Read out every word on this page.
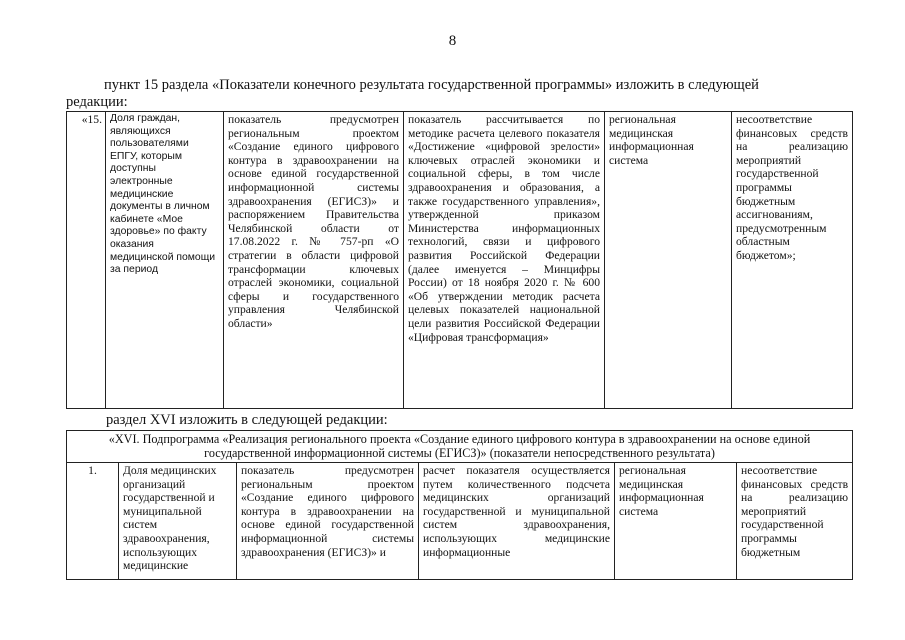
8
пункт 15 раздела «Показатели конечного результата государственной программы» изложить в следующей
редакции:
«15.	Доля граждан, являющихся пользователями ЕПГУ, которым доступны электронные медицинские документы в личном кабинете «Мое здоровье» по факту оказания медицинской помощи за период	показатель предусмотрен региональным проектом «Создание единого цифрового контура в здравоохранении на основе единой государственной информационной системы здравоохранения (ЕГИСЗ)» и распоряжением Правительства Челябинской области от 17.08.2022 г. № 757-рп «О стратегии в области цифровой трансформации ключевых отраслей экономики, социальной сферы и государственного управления Челябинской области»	показатель рассчитывается по методике расчета целевого показателя «Достижение «цифровой зрелости» ключевых отраслей экономики и социальной сферы, в том числе здравоохранения и образования, а также государственного управления», утвержденной приказом Министерства информационных технологий, связи и цифрового развития Российской Федерации (далее именуется – Минцифры России) от 18 ноября 2020 г. № 600 «Об утверждении методик расчета целевых показателей национальной цели развития Российской Федерации «Цифровая трансформация»	региональная медицинская информационная система	несоответствие финансовых средств на реализацию мероприятий государственной программы бюджетным ассигнованиям, предусмотренным областным бюджетом»;
раздел XVI изложить в следующей редакции:
«XVI. Подпрограмма «Реализация регионального проекта «Создание единого цифрового контура в здравоохранении на основе единой государственной информационной системы (ЕГИСЗ)» (показатели непосредственного результата)
1.	Доля медицинских организаций государственной и муниципальной систем здравоохранения, использующих медицинские	показатель предусмотрен региональным проектом «Создание единого цифрового контура в здравоохранении на основе единой государственной информационной системы здравоохранения (ЕГИСЗ)» и	расчет показателя осуществляется путем количественного подсчета медицинских организаций государственной и муниципальной систем здравоохранения, использующих медицинские информационные	региональная медицинская информационная система	несоответствие финансовых средств на реализацию мероприятий государственной программы бюджетным
